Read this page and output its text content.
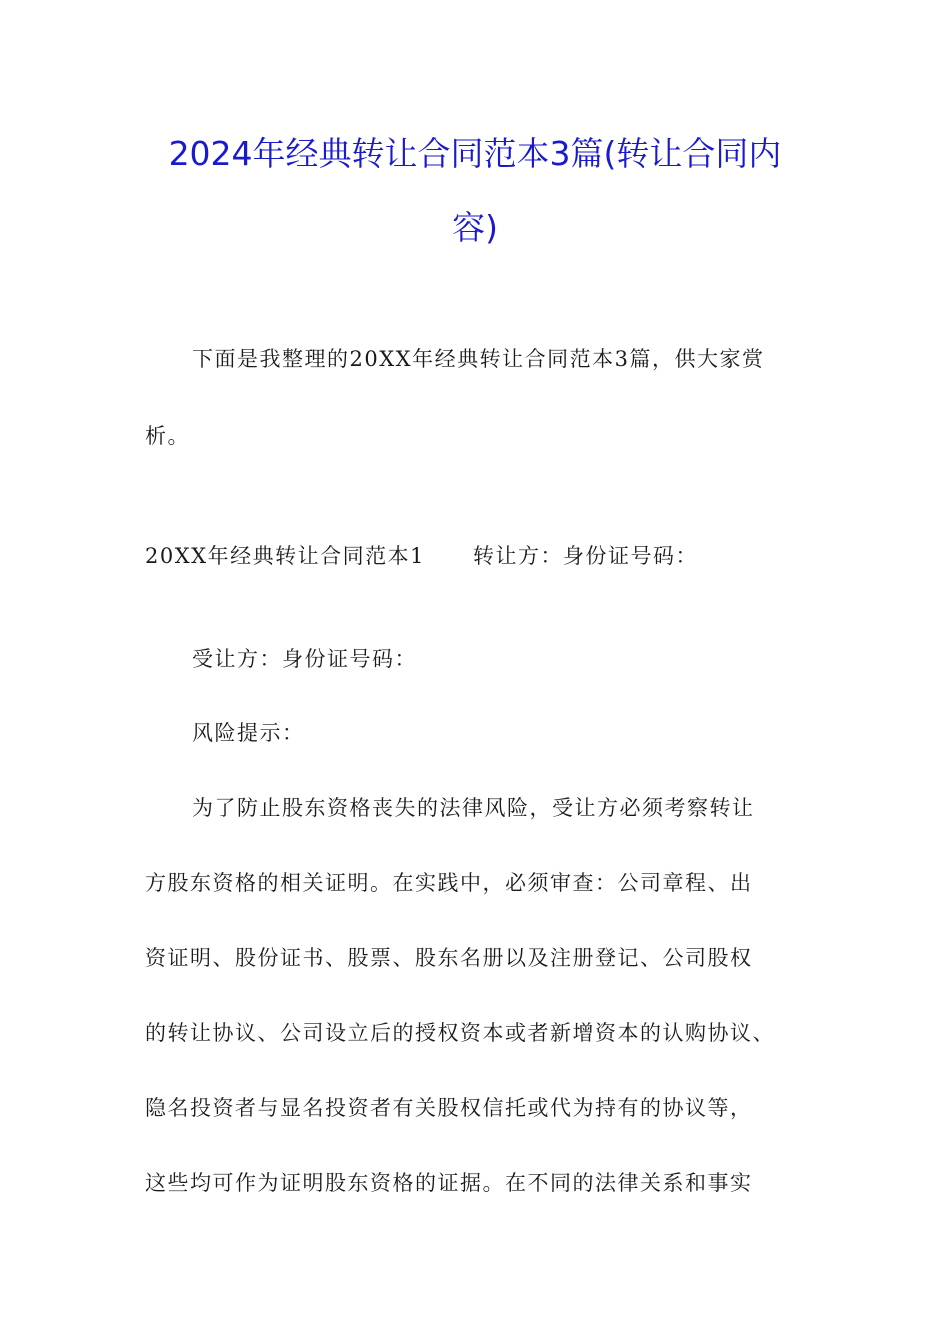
2024年经典转让合同范本3篇(转让合同内
容)

下面是我整理的20XX年经典转让合同范本3篇，供大家赏

析。

20XX年经典转让合同范本1 转让方：身份证号码：

受让方：身份证号码：

风险提示：

为了防止股东资格丧失的法律风险，受让方必须考察转让

方股东资格的相关证明。在实践中，必须审查：公司章程、出

资证明、股份证书、股票、股东名册以及注册登记、公司股权

的转让协议、公司设立后的授权资本或者新增资本的认购协议、

隐名投资者与显名投资者有关股权信托或代为持有的协议等，

这些均可作为证明股东资格的证据。在不同的法律关系和事实
